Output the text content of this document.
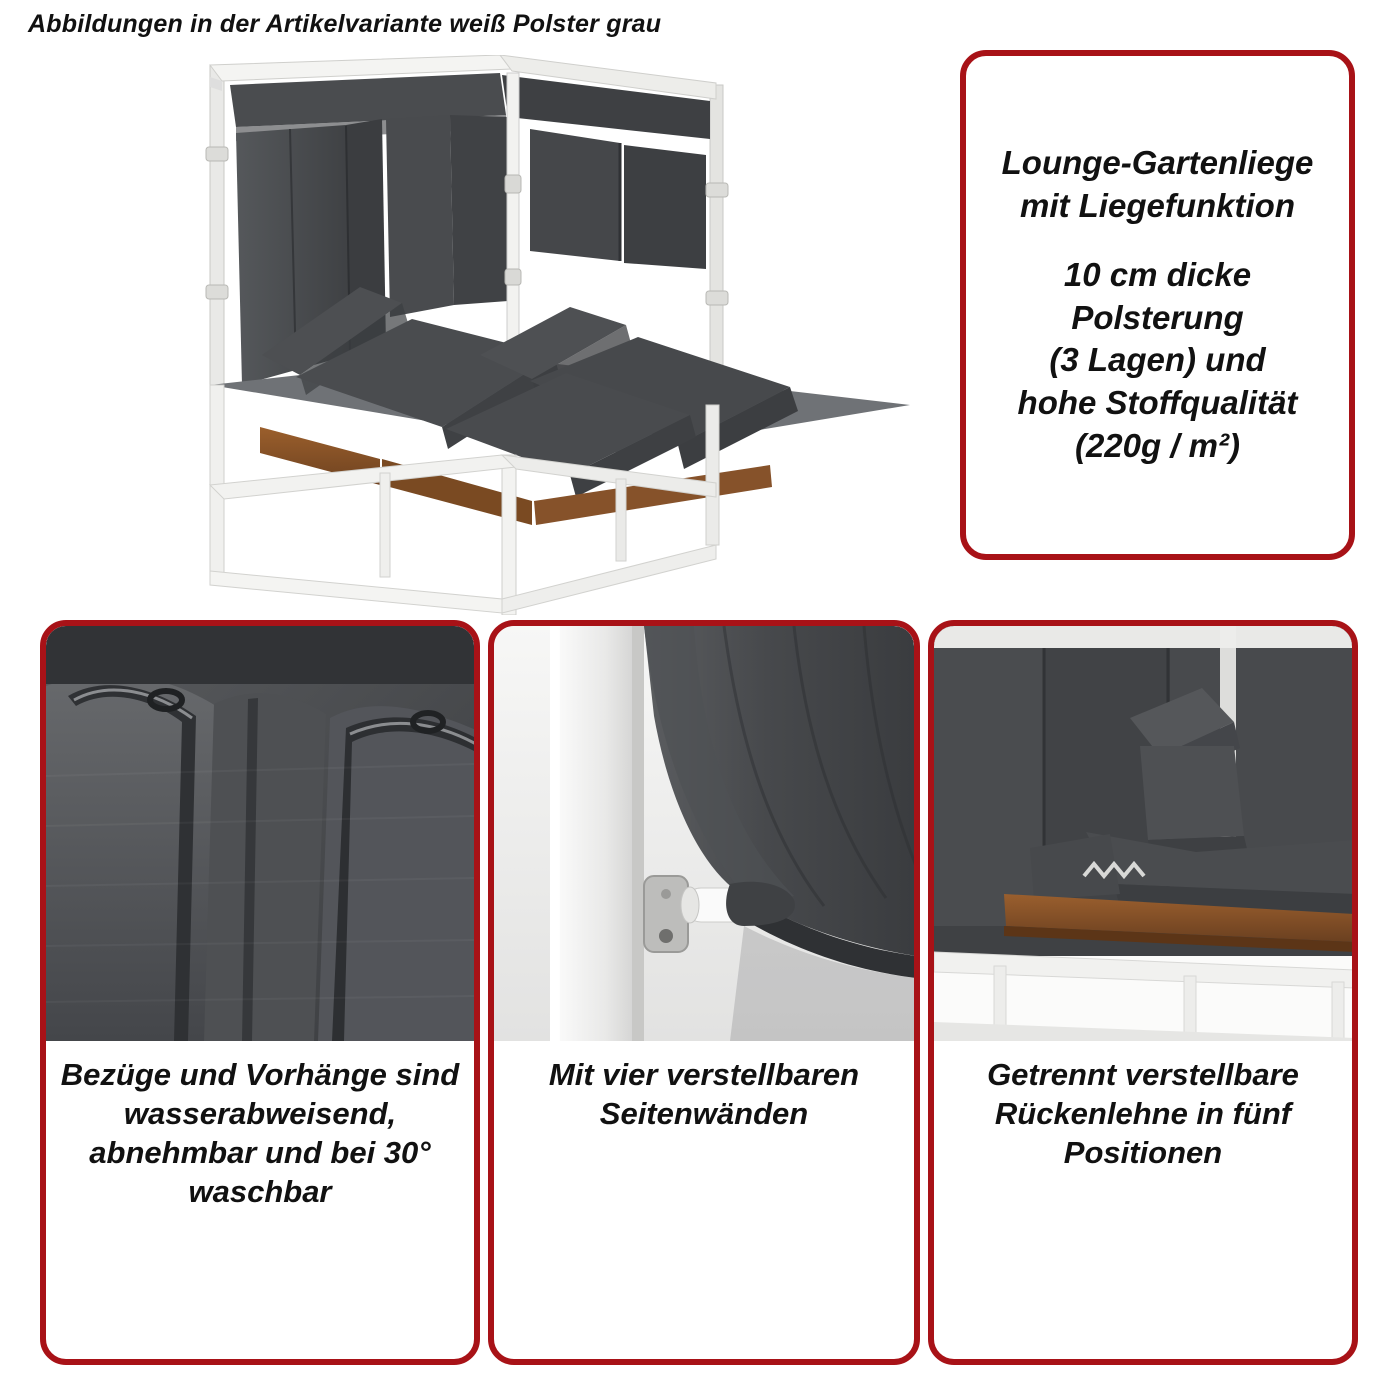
Abbildungen in der Artikelvariante weiß Polster grau
Lounge-Gartenliege
mit Liegefunktion
10 cm dicke
Polsterung
(3 Lagen) und
hohe Stoffqualität
(220g / m²)
Bezüge und Vorhänge sind wasserabweisend, abnehmbar und bei 30° waschbar
Mit vier verstellbaren Seitenwänden
Getrennt verstellbare Rückenlehne in fünf Positionen
